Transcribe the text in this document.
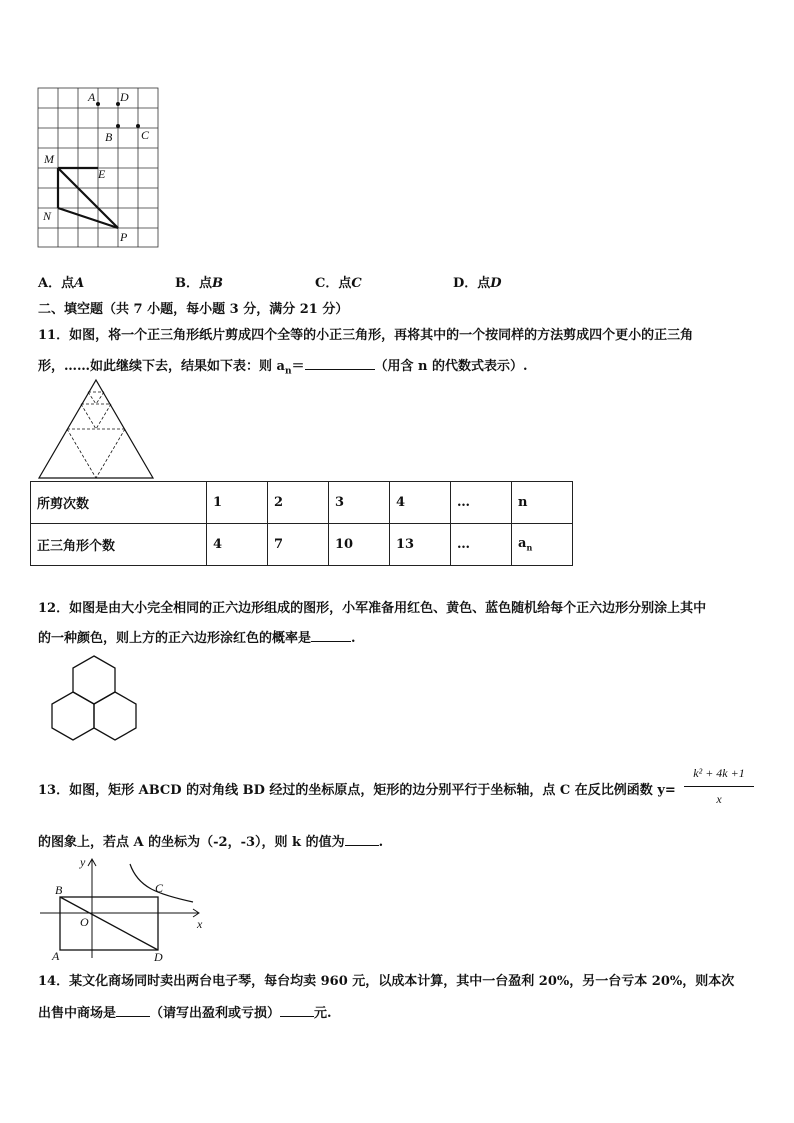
A D
B C
M
E
N
P
A．点A	B．点B	C．点C	D．点D
二、填空题（共 7 小题，每小题 3 分，满分 21 分）
11．如图，将一个正三角形纸片剪成四个全等的小正三角形，再将其中的一个按同样的方法剪成四个更小的正三角
形，……如此继续下去，结果如下表：则 $a_n=$	（用含 n 的代数式表示）.
所剪次数	1	2	3	4	…	n
正三角形个数	4	7	10	13	…	$a_n$
12．如图是由大小完全相同的正六边形组成的图形，小军准备用红色、黄色、蓝色随机给每个正六边形分别涂上其中
的一种颜色，则上方的正六边形涂红色的概率是	.
13．如图，矩形 ABCD 的对角线 BD 经过的坐标原点，矩形的边分别平行于坐标轴，点 C 在反比例函数 y=
k² + 4k +1
x
的图象上，若点 A 的坐标为（-2，-3），则 k 的值为	.
y
x
B	C
O
A	D
14．某文化商场同时卖出两台电子琴，每台均卖 960 元，以成本计算，其中一台盈利 20%，另一台亏本 20%，则本次
出售中商场是	（请写出盈利或亏损）	元.
